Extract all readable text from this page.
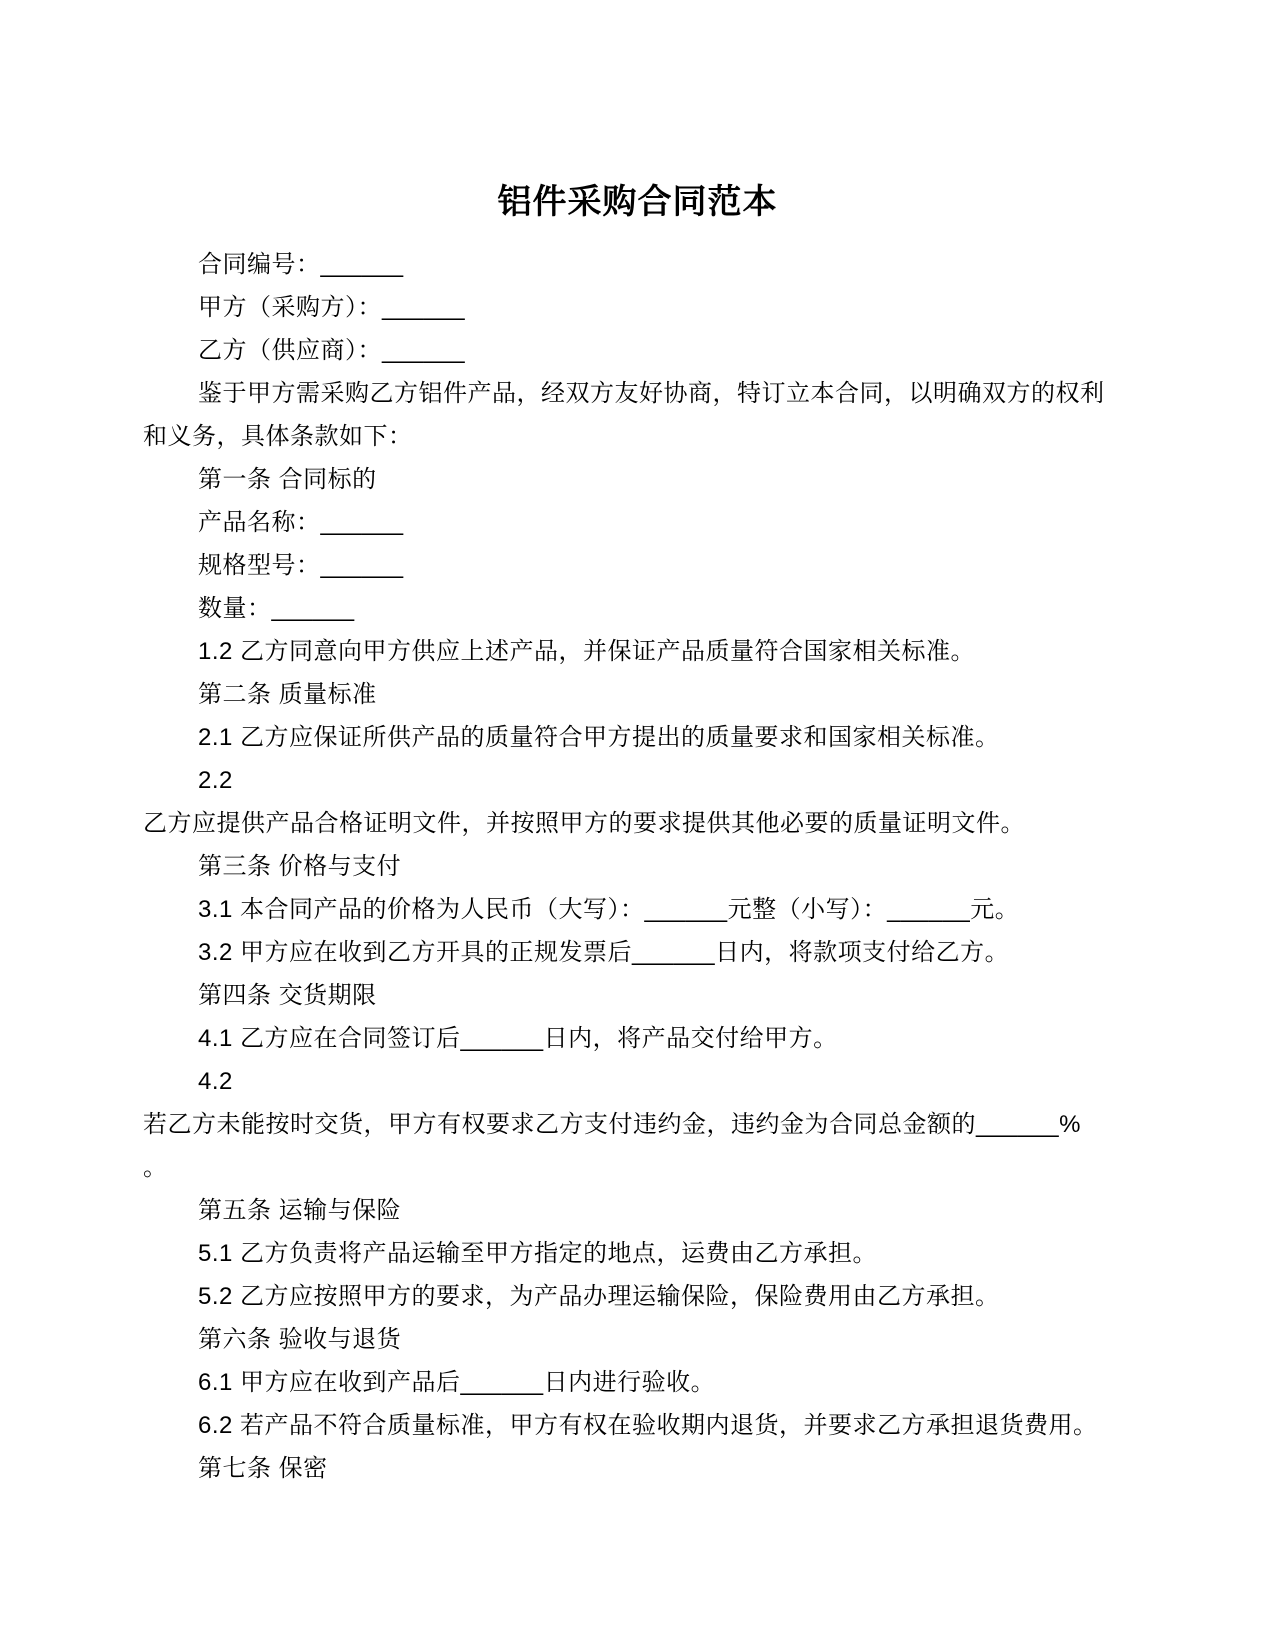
铝件采购合同范本

合同编号：______

甲方（采购方）：______

乙方（供应商）：______

鉴于甲方需采购乙方铝件产品，经双方友好协商，特订立本合同，以明确双方的权利

和义务，具体条款如下：

第一条 合同标的

产品名称：______

规格型号：______

数量：______

1.2 乙方同意向甲方供应上述产品，并保证产品质量符合国家相关标准。

第二条 质量标准

2.1 乙方应保证所供产品的质量符合甲方提出的质量要求和国家相关标准。

2.2

乙方应提供产品合格证明文件，并按照甲方的要求提供其他必要的质量证明文件。

第三条 价格与支付

3.1 本合同产品的价格为人民币（大写）：______元整（小写）：______元。

3.2 甲方应在收到乙方开具的正规发票后______日内，将款项支付给乙方。

第四条 交货期限

4.1 乙方应在合同签订后______日内，将产品交付给甲方。

4.2

若乙方未能按时交货，甲方有权要求乙方支付违约金，违约金为合同总金额的______%

。

第五条 运输与保险

5.1 乙方负责将产品运输至甲方指定的地点，运费由乙方承担。

5.2 乙方应按照甲方的要求，为产品办理运输保险，保险费用由乙方承担。

第六条 验收与退货

6.1 甲方应在收到产品后______日内进行验收。

6.2 若产品不符合质量标准，甲方有权在验收期内退货，并要求乙方承担退货费用。

第七条 保密
